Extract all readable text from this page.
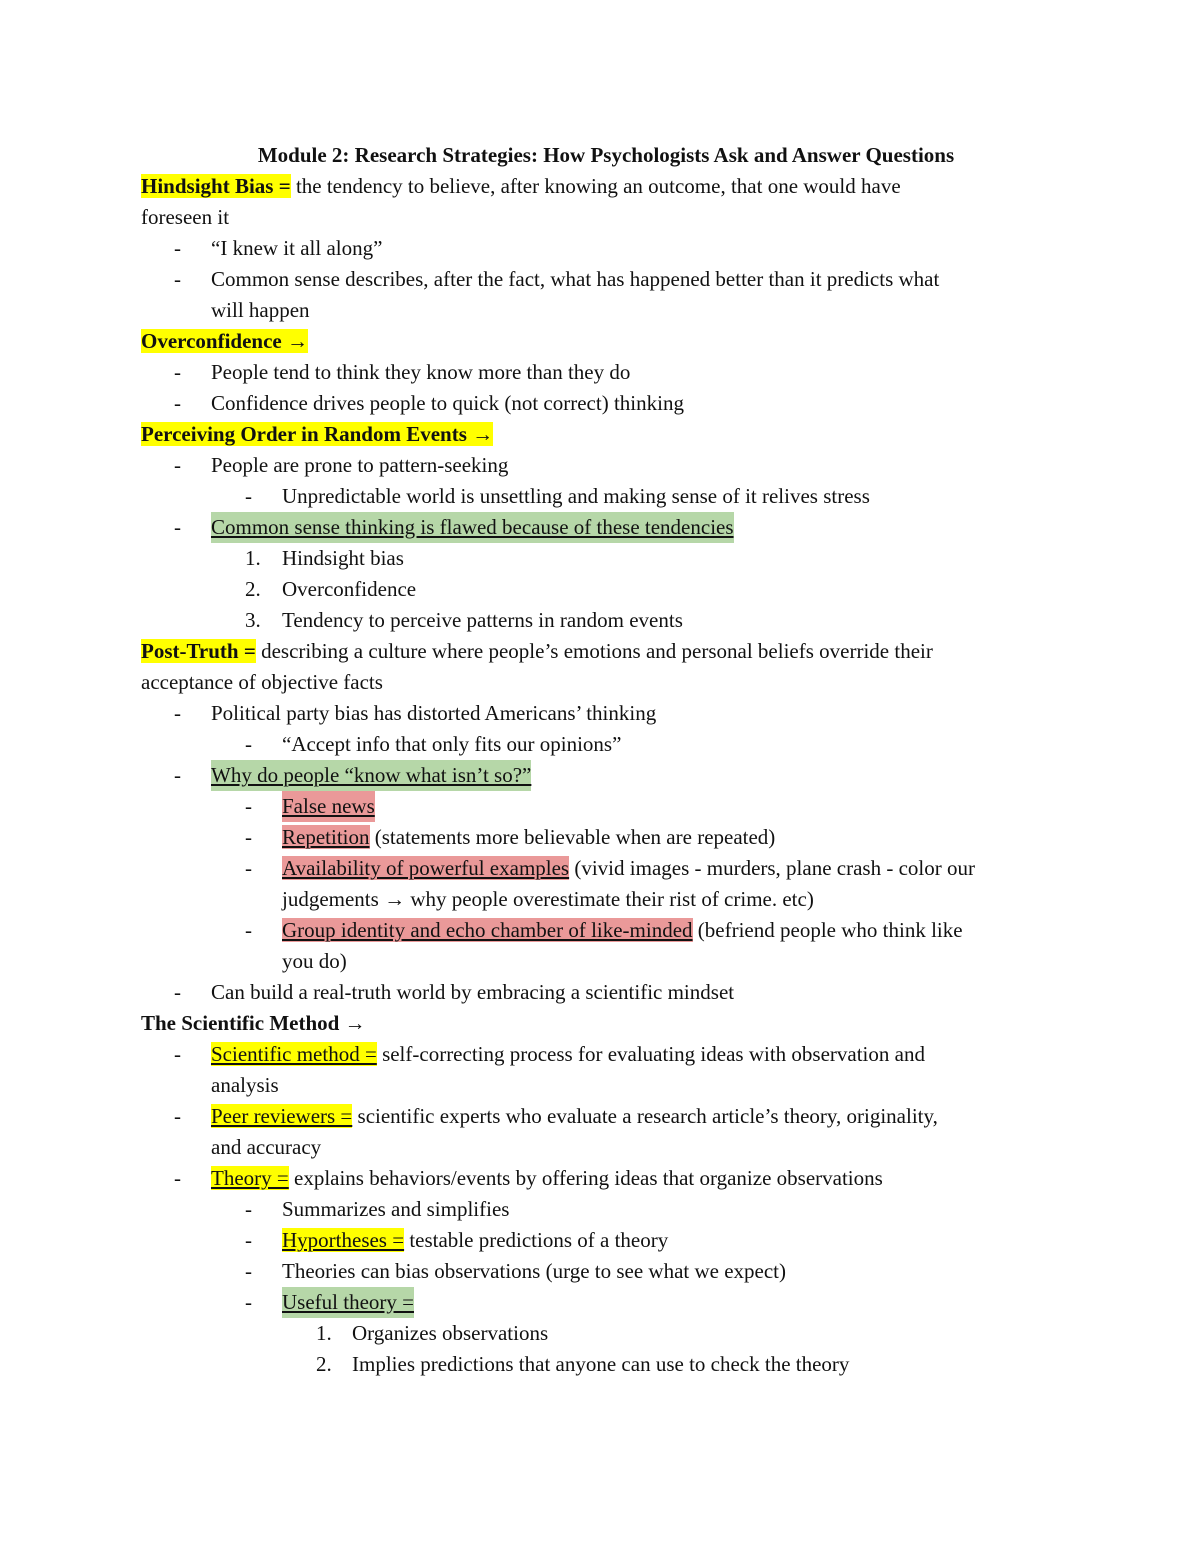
Module 2: Research Strategies: How Psychologists Ask and Answer Questions
Hindsight Bias = the tendency to believe, after knowing an outcome, that one would have
foreseen it
- “I knew it all along”
- Common sense describes, after the fact, what has happened better than it predicts what
will happen
Overconfidence →
- People tend to think they know more than they do
- Confidence drives people to quick (not correct) thinking
Perceiving Order in Random Events →
- People are prone to pattern-seeking
- Unpredictable world is unsettling and making sense of it relives stress
- Common sense thinking is flawed because of these tendencies
1. Hindsight bias
2. Overconfidence
3. Tendency to perceive patterns in random events
Post-Truth = describing a culture where people’s emotions and personal beliefs override their
acceptance of objective facts
- Political party bias has distorted Americans’ thinking
- “Accept info that only fits our opinions”
- Why do people “know what isn’t so?”
- False news
- Repetition (statements more believable when are repeated)
- Availability of powerful examples (vivid images - murders, plane crash - color our
judgements → why people overestimate their rist of crime. etc)
- Group identity and echo chamber of like-minded (befriend people who think like
you do)
- Can build a real-truth world by embracing a scientific mindset
The Scientific Method →
- Scientific method = self-correcting process for evaluating ideas with observation and
analysis
- Peer reviewers = scientific experts who evaluate a research article’s theory, originality,
and accuracy
- Theory = explains behaviors/events by offering ideas that organize observations
- Summarizes and simplifies
- Hyportheses = testable predictions of a theory
- Theories can bias observations (urge to see what we expect)
- Useful theory =
1. Organizes observations
2. Implies predictions that anyone can use to check the theory
